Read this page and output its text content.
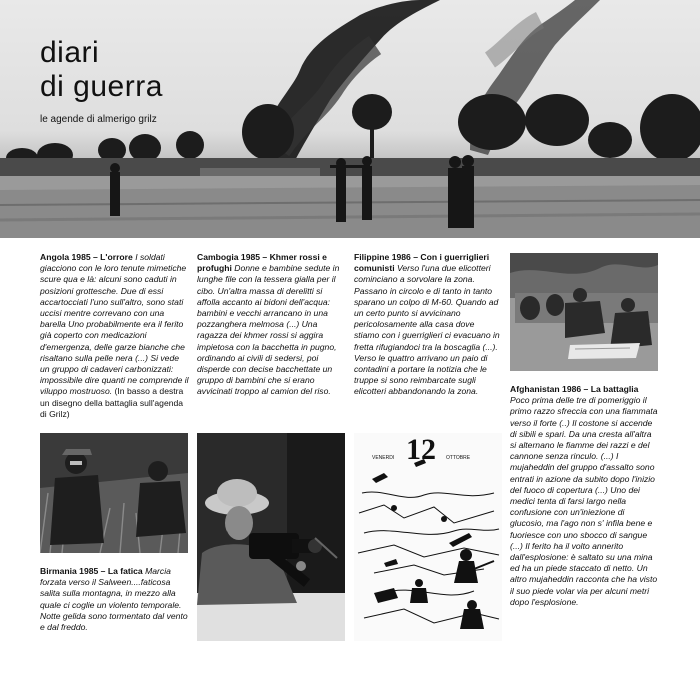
diari
di guerra
le agende di almerigo grilz
Angola 1985 – L'orrore I soldati giacciono con le loro tenute mimetiche scure qua e là: alcuni sono caduti in posizioni grottesche. Due di essi accartocciati l'uno sull'altro, sono stati uccisi mentre correvano con una barella Uno probabilmente era il ferito già coperto con medicazioni d'emergenza, delle garze bianche che risaltano sulla pelle nera (...) Si vede un gruppo di cadaveri carbonizzati: impossibile dire quanti ne comprende il viluppo mostruoso. (In basso a destra un disegno della battaglia sull'agenda di Grilz)
Cambogia 1985 – Khmer rossi e profughi Donne e bambine sedute in lunghe file con la tessera gialla per il cibo. Un'altra massa di derelitti si affolla accanto ai bidoni dell'acqua: bambini e vecchi arrancano in una pozzanghera melmosa (...) Una ragazza dei khmer rossi si aggira impietosa con la bacchetta in pugno, ordinando ai civili di sedersi, poi disperde con decise bacchettate un gruppo di bambini che si erano avvicinati troppo al camion del riso.
Filippine 1986 – Con i guerriglieri comunisti Verso l'una due elicotteri cominciano a sorvolare la zona. Passano in circolo e di tanto in tanto sparano un colpo di M-60. Quando ad un certo punto si avvicinano pericolosamente alla casa dove stiamo con i guerriglieri ci evacuano in fretta rifugiandoci tra la boscaglia (...). Verso le quattro arrivano un paio di contadini a portare la notizia che le truppe si sono reimbarcate sugli elicotteri abbandonando la zona.
12
VENERDI	OTTOBRE
Birmania 1985 – La fatica Marcia forzata verso il Salween....faticosa salita sulla montagna, in mezzo alla quale ci coglie un violento temporale. Notte gelida sono tormentato dal vento e dal freddo.
Afghanistan 1986 – La battaglia Poco prima delle tre di pomeriggio il primo razzo sfreccia con una fiammata verso il forte (..) Il costone si accende di sibili e spari. Da una cresta all'altra si alternano le fiamme dei razzi e del cannone senza rinculo. (...) I mujaheddin del gruppo d'assalto sono entrati in azione da subito dopo l'inizio del fuoco di copertura (...) Uno dei medici tenta di farsi largo nella confusione con un'iniezione di glucosio, ma l'ago non s' infila bene e fuoriesce con uno sbocco di sangue (...) Il ferito ha il volto annerito dall'esplosione: è saltato su una mina ed ha un piede staccato di netto. Un altro mujaheddin racconta che ha visto il suo piede volar via per alcuni metri dopo l'esplosione.
